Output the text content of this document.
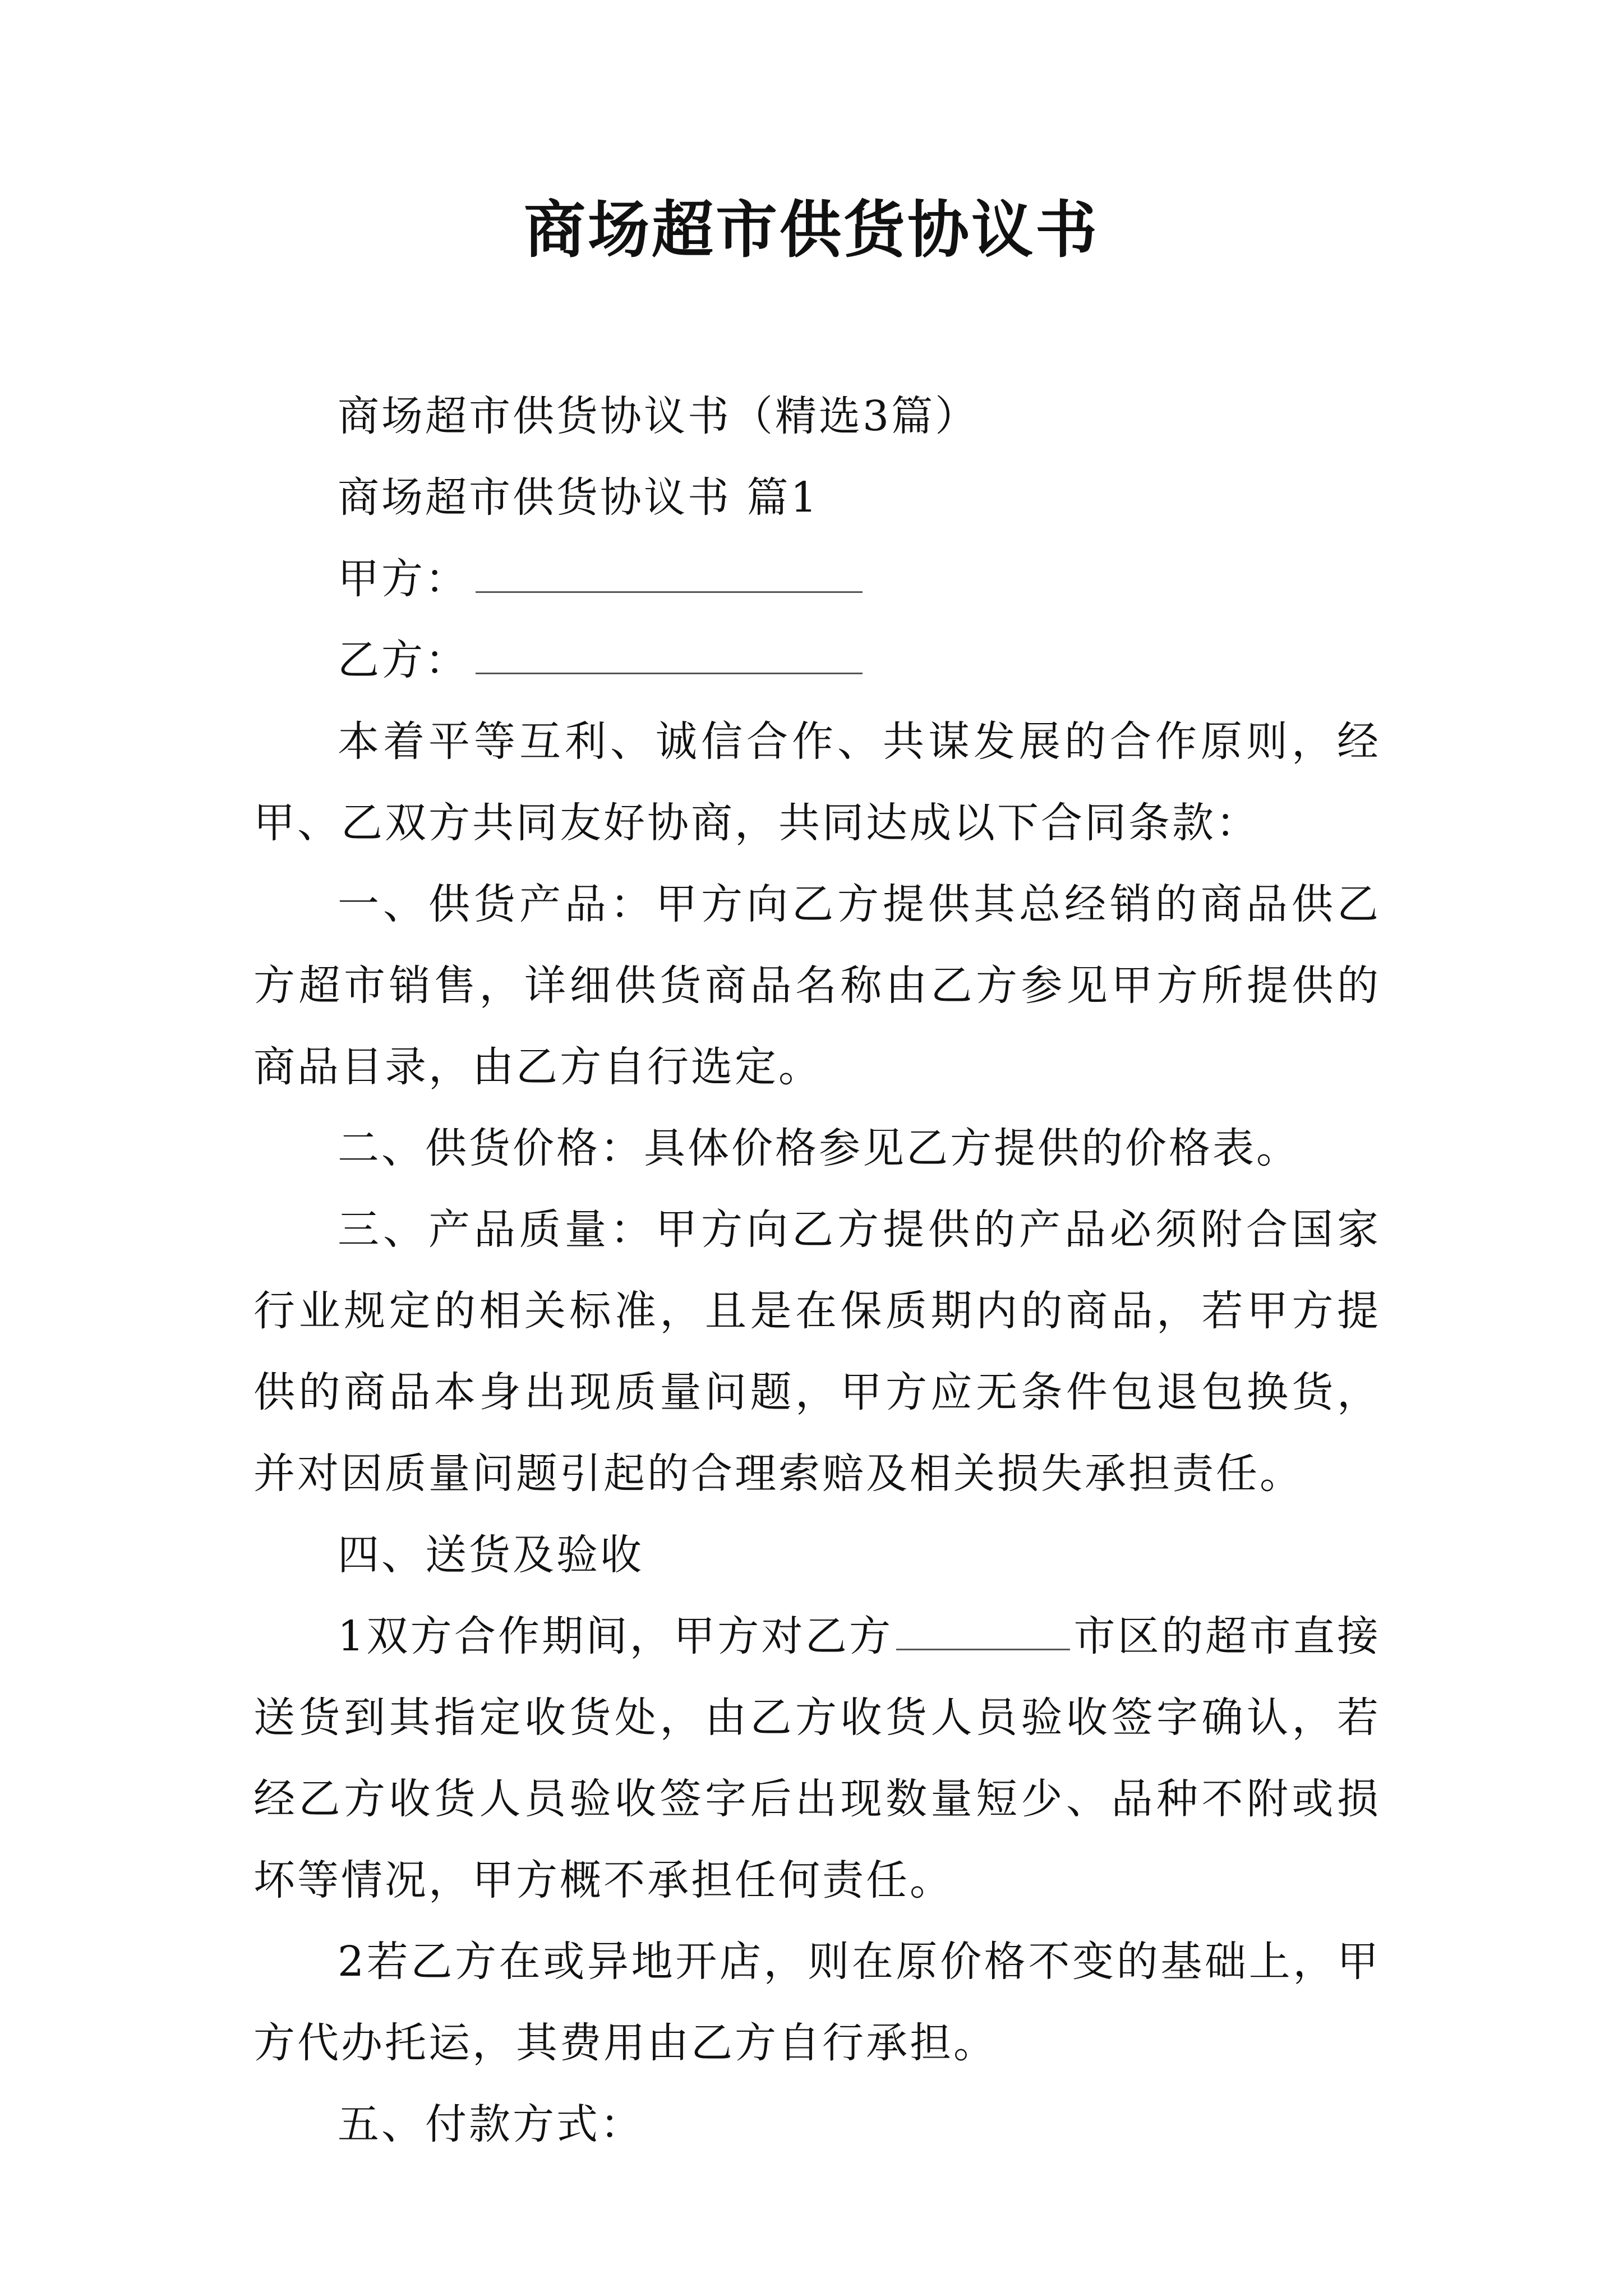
商场超市供货协议书

商场超市供货协议书（精选3篇）

商场超市供货协议书 篇1

甲方：

乙方：

本着平等互利、诚信合作、共谋发展的合作原则，经甲、乙双方共同友好协商，共同达成以下合同条款：

一、供货产品：甲方向乙方提供其总经销的商品供乙方超市销售，详细供货商品名称由乙方参见甲方所提供的商品目录，由乙方自行选定。

二、供货价格：具体价格参见乙方提供的价格表。

三、产品质量：甲方向乙方提供的产品必须附合国家行业规定的相关标准，且是在保质期内的商品，若甲方提供的商品本身出现质量问题，甲方应无条件包退包换货，并对因质量问题引起的合理索赔及相关损失承担责任。

四、送货及验收

1双方合作期间，甲方对乙方	市区的超市直接送货到其指定收货处，由乙方收货人员验收签字确认，若经乙方收货人员验收签字后出现数量短少、品种不附或损坏等情况，甲方概不承担任何责任。

2若乙方在或异地开店，则在原价格不变的基础上，甲方代办托运，其费用由乙方自行承担。

五、付款方式：
